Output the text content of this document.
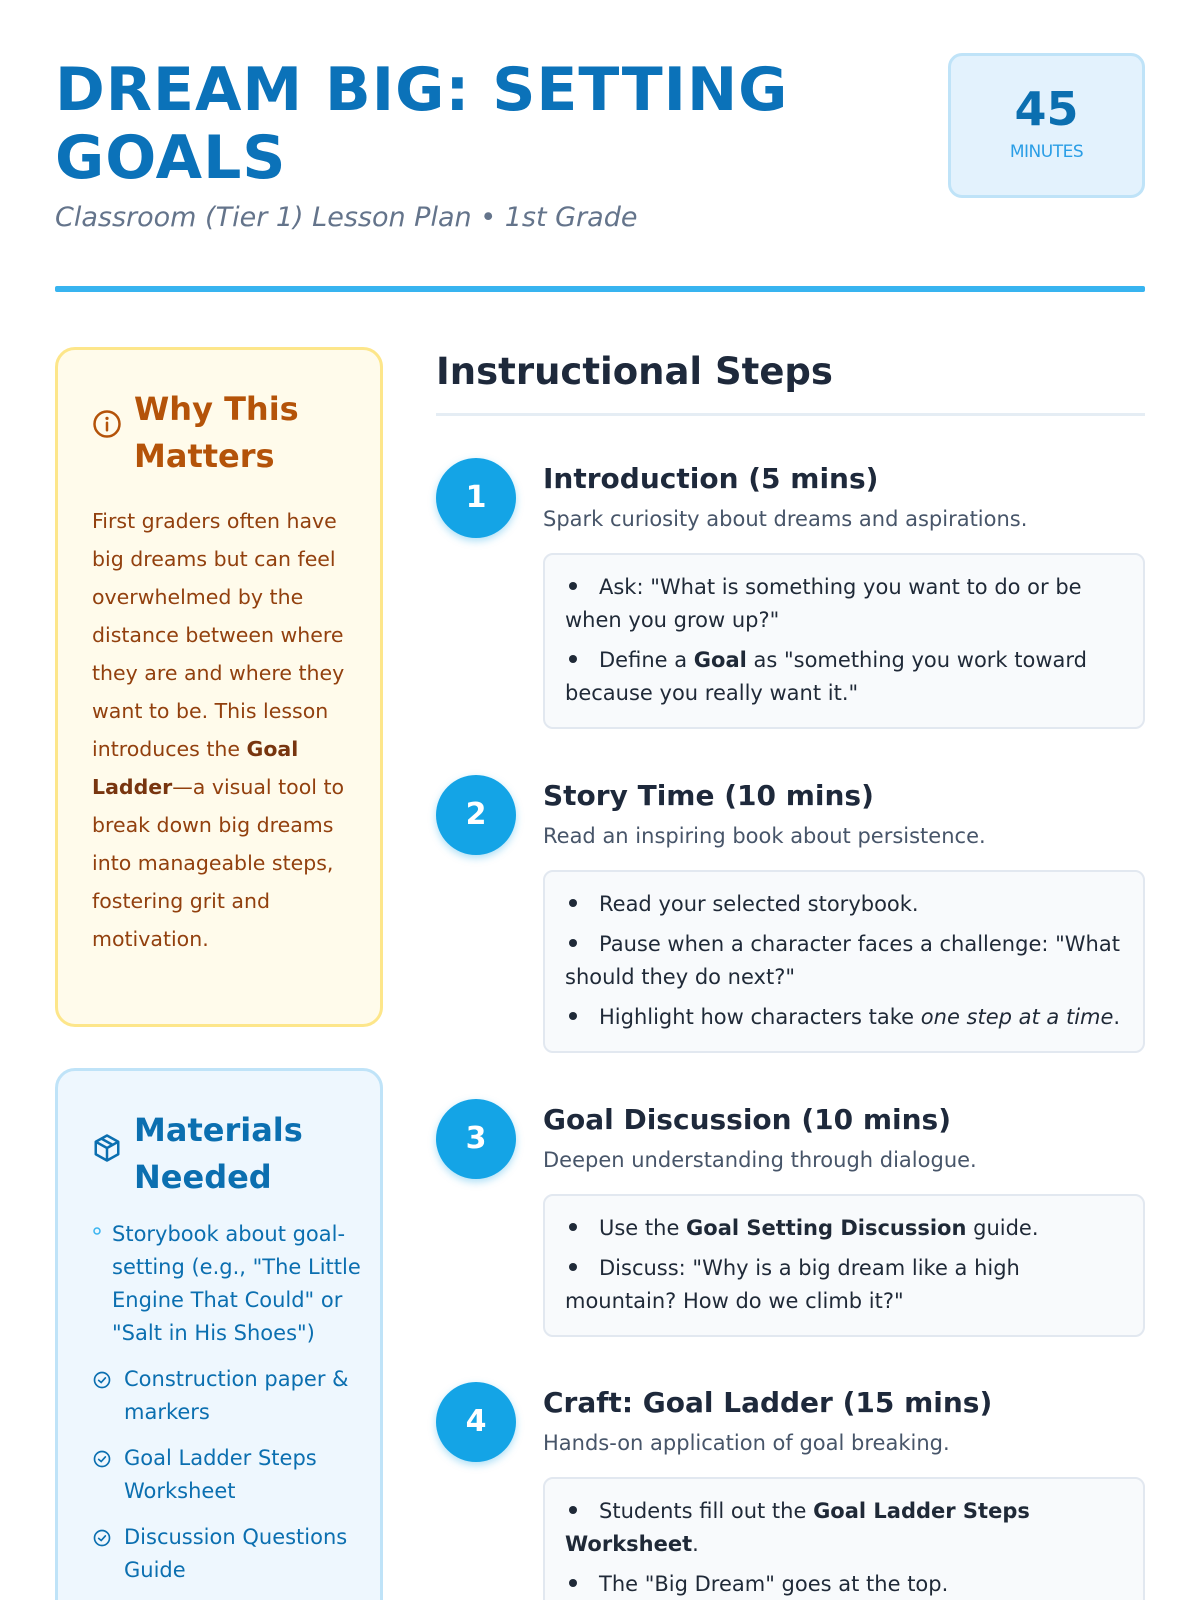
DREAM BIG: SETTING GOALS
Classroom (Tier 1) Lesson Plan • 1st Grade
45
MINUTES
Why This Matters

First graders often have big dreams but can feel overwhelmed by the distance between where they are and where they want to be. This lesson introduces the Goal Ladder—a visual tool to break down big dreams into manageable steps, fostering grit and motivation.

Materials Needed
Storybook about goal-setting (e.g., "The Little Engine That Could" or "Salt in His Shoes")
Construction paper & markers
Goal Ladder Steps Worksheet
Discussion Questions Guide
Instructional Steps
1
Introduction (5 mins)
Spark curiosity about dreams and aspirations.
Ask: "What is something you want to do or be when you grow up?"
Define a Goal as "something you work toward because you really want it."
2
Story Time (10 mins)
Read an inspiring book about persistence.
Read your selected storybook.
Pause when a character faces a challenge: "What should they do next?"
Highlight how characters take one step at a time.
3
Goal Discussion (10 mins)
Deepen understanding through dialogue.
Use the Goal Setting Discussion guide.
Discuss: "Why is a big dream like a high mountain? How do we climb it?"
4
Craft: Goal Ladder (15 mins)
Hands-on application of goal breaking.
Students fill out the Goal Ladder Steps Worksheet.
The "Big Dream" goes at the top.
